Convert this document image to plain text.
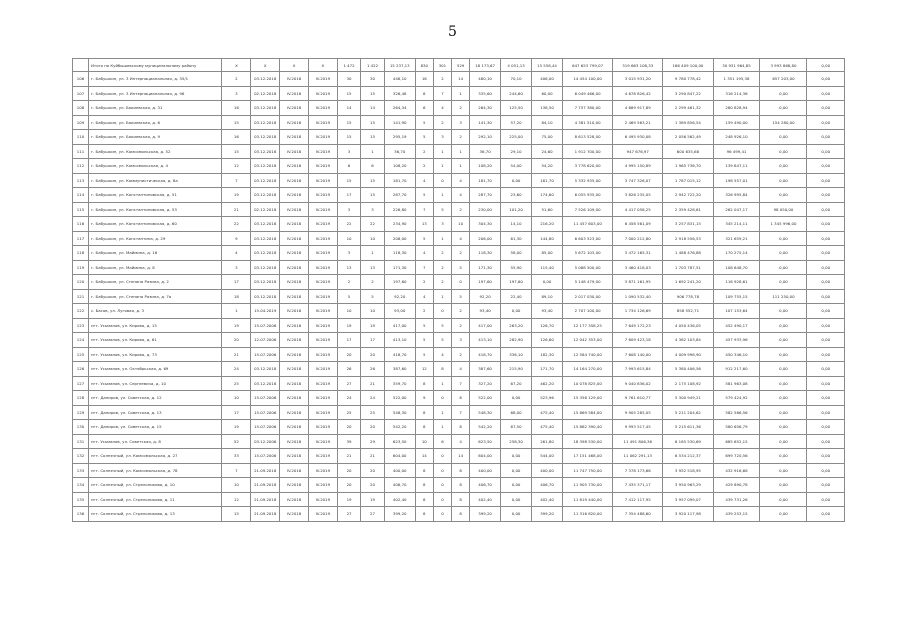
5
	Итого по Куйбышевскому муниципальному району	X	X	X	X	1 472	1 422	15 237,13	830	301	529	18 173,67	4 051,13	15 558,44	647 653 799,07	319 663 108,33	186 409 100,00	30 931 964,85	3 993 868,80	0,00
106	г. Бабушкин, ул. 3 Интернациональная, д. 35/1	2	03.12.2018	IV.2018	IV.2019	30	30	446,10	16	2	14	480,10	70,10	406,00	14 454 100,00	3 015 931,20	9 780 778,42	1 351 195,38	657 203,00	0,00
107	г. Бабушкин, ул. 3 Интернациональная, д. 96	3	02.12.2018	IV.2018	IV.2019	15	15	326,48	8	7	1	335,60	244,60	60,00	6 049 466,00	4 678 826,42	3 290 847,22	316 214,36	0,00	0,00
108	г. Бабушкин, ул. Бакиевская, д. 31	16	03.12.2018	IV.2018	IV.2019	14	14	264,34	6	4	2	264,30	125,50	138,50	7 757 380,00	4 689 917,89	2 299 461,32	280 828,94	0,00	0,00
109	г. Бабушкин, ул. Бакиевская, д. 6	15	03.12.2018	IV.2018	IV.2019	15	15	141,90	5	2	3	141,30	57,20	84,10	4 381 510,00	2 469 563,21	1 389 856,54	159 490,00	154 280,00	0,00
110	г. Бабушкин, ул. Бакиевская, д. 9	16	03.12.2018	IV.2018	IV.2019	15	15	295,19	5	3	2	292,10	225,00	75,00	8 613 528,00	6 495 930,08	2 056 562,49	248 926,10	0,00	0,00
111	г. Бабушкин, ул. Комсомольская, д. 52	15	03.12.2018	IV.2018	IV.2019	3	1	36,70	2	1	1	36,70	29,10	24,60	1 912 700,00	947 676,97	600 635,68	96 499,41	0,00	0,00
112	г. Бабушкин, ул. Комсомольская, д. 4	12	03.12.2018	IV.2018	IV.2019	6	6	108,20	2	1	1	108,20	54,00	54,20	3 778 620,00	4 995 150,89	1 965 736,70	139 847,11	0,00	0,00
113	г. Бабушкин, ул. Коммунистическая, д. 8а	7	03.12.2018	IV.2018	IV.2019	15	15	181,70	4	0	4	181,70	0,00	181,70	5 332 935,00	3 747 326,07	1 787 015,12	198 557,01	0,00	0,00
114	г. Бабушкин, ул. Константиновская, д. 51	19	03.12.2018	IV.2018	IV.2019	17	15	287,70	5	1	4	287,70	23,60	174,60	6 055 935,00	3 826 235,05	2 942 722,20	326 995,84	0,00	0,00
115	г. Бабушкин, ул. Константиновская, д. 53	21	02.12.2018	IV.2018	IV.2019	3	3	226,80	7	5	2	230,00	101,20	51,60	7 526 109,00	4 417 058,25	2 359 428,61	262 047,17	98 050,00	0,00
116	г. Бабушкин, ул. Константиновская, д. 60	22	03.12.2018	IV.2018	IV.2019	22	22	234,90	13	3	10	304,30	14,10	216,20	11 457 603,00	6 458 561,09	3 257 831,15	345 214,11	1 345 996,00	0,00
117	г. Бабушкин, ул. Константина, д. 29	9	03.12.2018	IV.2018	IV.2019	10	10	206,00	5	1	4	206,00	61,30	144,80	6 603 523,00	7 000 212,80	2 918 556,53	321 659,21	0,00	0,00
118	г. Бабушкин, ул. Маймина, д. 16	4	03.12.2018	IV.2018	IV.2019	3	1	118,30	4	2	2	118,30	58,00	85,00	5 672 103,00	3 472 165,31	1 488 476,88	170 275,14	0,00	0,00
119	г. Бабушкин, ул. Маймина, д. 8	3	03.12.2018	IV.2018	IV.2019	13	13	171,30	7	2	5	171,30	55,90	115,40	5 088 500,00	3 460 418,03	1 703 787,51	108 648,70	0,00	0,00
120	г. Бабушкин, ул. Степана Разина, д. 2	17	03.12.2018	IV.2018	IV.2019	2	2	197,60	2	2	0	197,60	197,60	0,00	5 148 479,00	3 871 161,95	1 692 241,20	116 928,61	0,00	0,00
121	г. Бабушкин, ул. Степана Разина, д. 7а	18	03.12.2018	IV.2018	IV.2019	5	5	92,20	4	1	5	92,20	22,40	89,10	2 017 030,00	1 090 532,40	906 778,78	109 755,15	111 250,00	0,00
122	с. Басов, ул. Луговая, д. 3	1	15.04.2019	IV.2018	IV.2019	10	10	93,00	2	0	2	93,40	0,00	93,40	2 707 100,00	1 734 126,69	858 552,71	107 153,64	0,00	0,00
123	пгт. Усьманов, ул. Кирова, д. 15	19	15.07.2006	IV.2018	IV.2019	19	19	417,00	5	5	2	417,00	263,20	126,70	12 177 358,25	7 649 172,23	4 050 436,05	452 490,17	0,00	0,00
124	пгт. Усьманов, ул. Кирова, д. 61	20	12.07.2006	IV.2018	IV.2019	17	17	413,10	5	5	3	413,10	282,90	126,60	12 042 353,00	7 609 423,18	4 362 103,84	457 933,96	0,00	0,00
125	пгт. Усьманов, ул. Кирова, д. 73	21	15.07.2006	IV.2018	IV.2019	20	20	418,70	5	4	2	418,70	336,10	182,30	12 584 740,00	7 608 140,00	4 009 998,90	450 346,10	0,00	0,00
126	пгт. Усьманов, ул. Октябрьская, д. 69	24	03.12.2018	IV.2018	IV.2019	26	26	387,60	12	8	4	387,60	215,90	171,70	14 164 270,00	7 993 615,84	5 380 406,56	912 217,60	0,00	0,00
127	пгт. Усьманов, ул. Сергеевича, д. 10	25	03.12.2018	IV.2018	IV.2019	27	21	359,70	8	1	7	327,20	67,20	462,20	10 078 825,00	9 040 836,02	2 175 108,92	581 963,08	0,00	0,00
128	пгт. Даниров, ул. Советская, д. 12	10	15.07.2006	IV.2018	IV.2019	24	24	522,00	9	0	8	522,00	0,00	523,96	15 356 129,00	9 761 610,77	5 300 949,21	579 424,92	0,00	0,00
129	пгт. Даниров, ул. Советская, д. 13	17	15.07.2006	IV.2018	IV.2019	25	25	548,30	8	1	7	548,30	68,00	475,40	15 869 584,00	9 905 285,05	5 211 204,62	582 566,56	0,00	0,00
130	пгт. Даниров, ул. Советская, д. 15	19	15.07.2006	IV.2018	IV.2019	20	20	542,20	8	1	8	542,20	67,50	475,40	15 862 390,40	9 993 517,45	5 215 611,36	580 656,79	0,00	0,00
131	пгт. Усьманов, ул. Советская, д. 8	52	03.12.2006	IV.2018	IV.2019	39	29	623,50	10	6	4	623,50	258,30	261,80	18 398 530,00	11 491 806,36	6 185 530,69	685 652,15	0,00	0,00
132	пгт. Солнечный, ул. Комсомольская, д. 27	33	15.07.2006	IV.2018	IV.2019	21	21	604,00	14	0	14	604,00	0,00	544,00	17 151 468,00	11 062 291,13	6 534 212,37	699 720,56	0,00	0,00
133	пгт. Солнечный, ул. Комсомольская, д. 78	7	21.09.2018	IV.2018	IV.2019	20	20	400,00	8	0	8	400,00	0,00	400,00	11 747 750,00	7 378 173,66	3 952 518,95	432 916,68	0,00	0,00
134	пгт. Солнечный, ул. Стрельникова, д. 10	10	21.09.2018	IV.2018	IV.2019	20	20	406,70	8	0	8	406,70	0,00	406,70	11 905 730,00	7 435 371,17	3 950 963,29	429 890,78	0,00	0,00
135	пгт. Солнечный, ул. Стрельникова, д. 11	12	21.09.2018	IV.2018	IV.2019	19	19	402,40	8	0	8	402,40	0,00	402,40	11 819 440,00	7 412 117,95	3 957 099,07	439 731,26	0,00	0,00
136	пгт. Солнечный, ул. Стрельникова, д. 13	15	21.09.2018	IV.2018	IV.2019	27	27	399,20	8	0	8	399,20	0,00	399,20	11 316 820,00	7 354 488,60	3 920 117,98	439 253,15	0,00	0,00
